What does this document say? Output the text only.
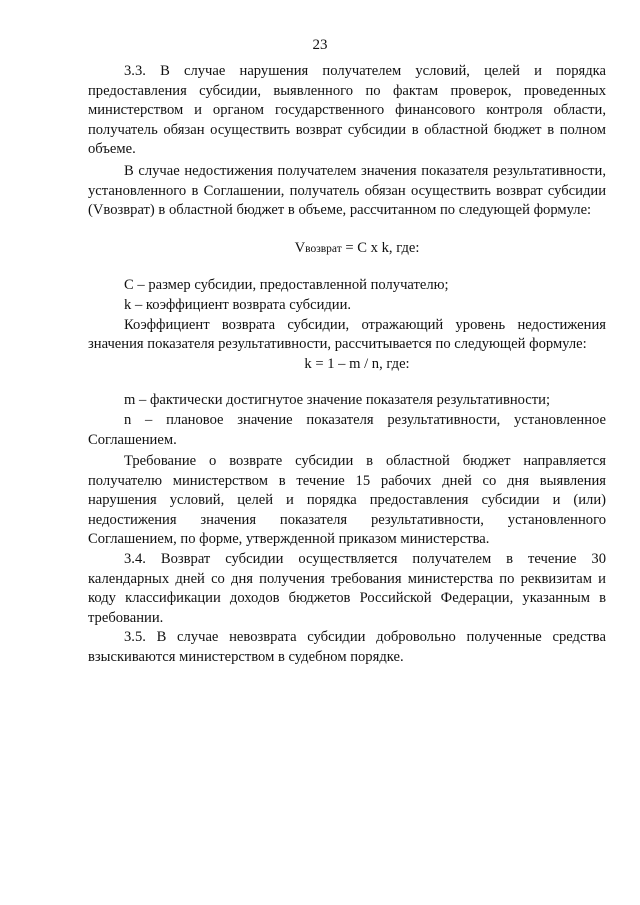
23

3.3. В случае нарушения получателем условий, целей и порядка предоставления субсидии, выявленного по фактам проверок, проведенных министерством и органом государственного финансового контроля области, получатель обязан осуществить возврат субсидии в областной бюджет в полном объеме.

В случае недостижения получателем значения показателя результативности, установленного в Соглашении, получатель обязан осуществить возврат субсидии (Vвозврат) в областной бюджет в объеме, рассчитанном по следующей формуле:

Vвозврат = C x k, где:

C – размер субсидии, предоставленной получателю;

k – коэффициент возврата субсидии.

Коэффициент возврата субсидии, отражающий уровень недостижения значения показателя результативности, рассчитывается по следующей формуле:

k = 1 – m / n, где:

m – фактически достигнутое значение показателя результативности;

n – плановое значение показателя результативности, установленное Соглашением.

Требование о возврате субсидии в областной бюджет направляется получателю министерством в течение 15 рабочих дней со дня выявления нарушения условий, целей и порядка предоставления субсидии и (или) недостижения значения показателя результативности, установленного Соглашением, по форме, утвержденной приказом министерства.

3.4. Возврат субсидии осуществляется получателем в течение 30 календарных дней со дня получения требования министерства по реквизитам и коду классификации доходов бюджетов Российской Федерации, указанным в требовании.

3.5. В случае невозврата субсидии добровольно полученные средства взыскиваются министерством в судебном порядке.
